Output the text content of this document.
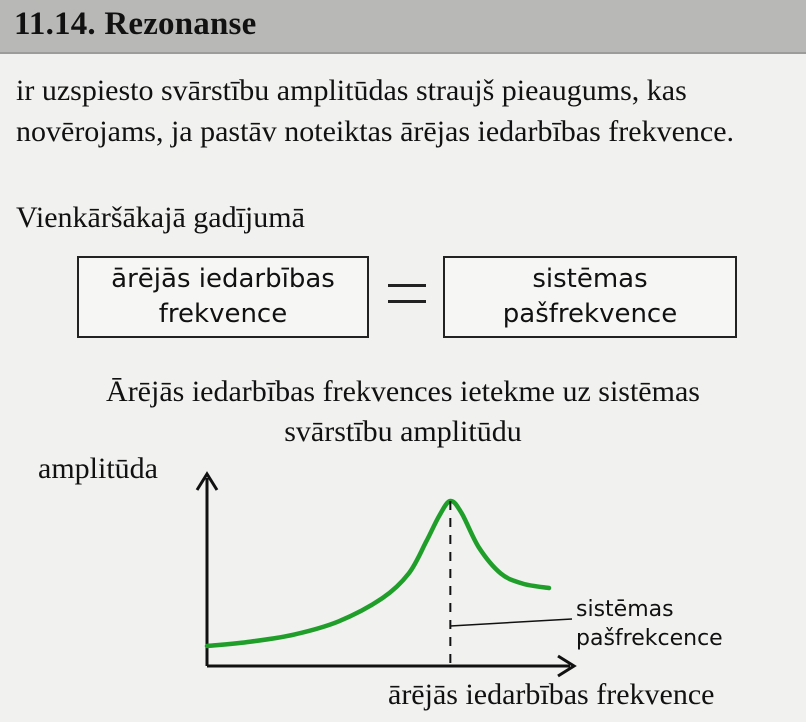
11.14. Rezonanse

ir uzspiesto svārstību amplitūdas straujš pieaugums, kas novērojams, ja pastāv noteiktas ārējas iedarbības frekvence.

Vienkāršākajā gadījumā
ārējās iedarbības
frekvence
sistēmas
pašfrekvence
Ārējās iedarbības frekvences ietekme uz sistēmas
svārstību amplitūdu
amplitūda
ārējās iedarbības frekvence
sistēmas
pašfrekcence
